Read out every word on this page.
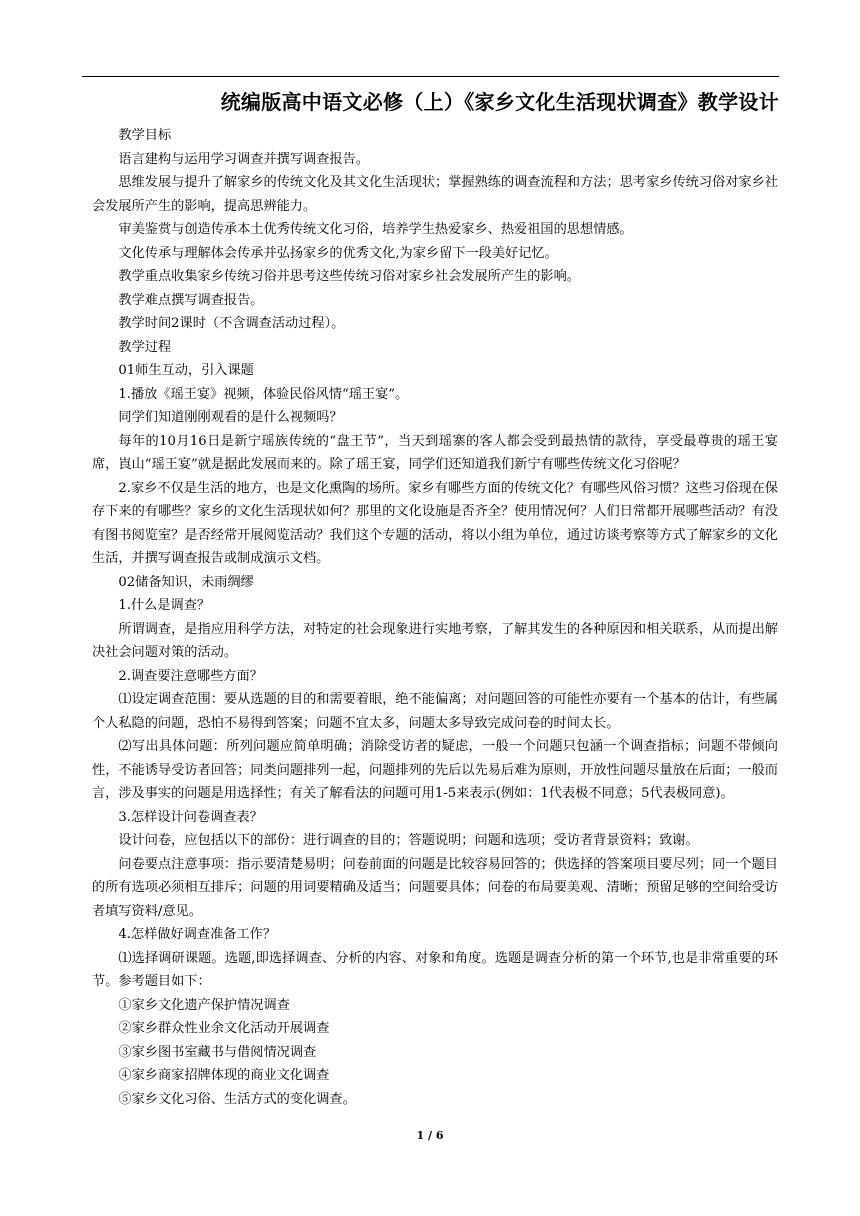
统编版高中语文必修（上）《家乡文化生活现状调查》教学设计

教学目标

语言建构与运用学习调查并撰写调查报告。

思维发展与提升了解家乡的传统文化及其文化生活现状；掌握熟练的调查流程和方法；思考家乡传统习俗对家乡社会发展所产生的影响，提高思辨能力。

审美鉴赏与创造传承本土优秀传统文化习俗，培养学生热爱家乡、热爱祖国的思想情感。

文化传承与理解体会传承并弘扬家乡的优秀文化,为家乡留下一段美好记忆。

教学重点收集家乡传统习俗并思考这些传统习俗对家乡社会发展所产生的影响。

教学难点撰写调查报告。

教学时间2课时（不含调查活动过程）。

教学过程

01师生互动，引入课题

1.播放《瑶王宴》视频，体验民俗风情“瑶王宴”。

同学们知道刚刚观看的是什么视频吗？

每年的10月16日是新宁瑶族传统的“盘王节”，当天到瑶寨的客人都会受到最热情的款待，享受最尊贵的瑶王宴席，崀山“瑶王宴”就是据此发展而来的。除了瑶王宴，同学们还知道我们新宁有哪些传统文化习俗呢？

2.家乡不仅是生活的地方，也是文化熏陶的场所。家乡有哪些方面的传统文化？有哪些风俗习惯？这些习俗现在保存下来的有哪些？家乡的文化生活现状如何？那里的文化设施是否齐全？使用情况何？人们日常都开展哪些活动？有没有图书阅览室？是否经常开展阅览活动？我们这个专题的活动，将以小组为单位，通过访谈考察等方式了解家乡的文化生活，并撰写调查报告或制成演示文档。

02储备知识，未雨绸缪

1.什么是调查？

所谓调查，是指应用科学方法，对特定的社会现象进行实地考察，了解其发生的各种原因和相关联系，从而提出解决社会问题对策的活动。

2.调查要注意哪些方面？

⑴设定调查范围：要从选题的目的和需要着眼，绝不能偏离；对问题回答的可能性亦要有一个基本的估计，有些属个人私隐的问题，恐怕不易得到答案；问题不宜太多，问题太多导致完成问卷的时间太长。

⑵写出具体问题：所列问题应简单明确；消除受访者的疑虑，一般一个问题只包涵一个调查指标；问题不带倾向性，不能诱导受访者回答；同类问题排列一起，问题排列的先后以先易后难为原则，开放性问题尽量放在后面；一般而言，涉及事实的问题是用选择性；有关了解看法的问题可用1-5来表示(例如：1代表极不同意；5代表极同意)。

3.怎样设计问卷调查表？

设计问卷，应包括以下的部份：进行调查的目的；答题说明；问题和选项；受访者背景资料；致谢。

问卷要点注意事项：指示要清楚易明；问卷前面的问题是比较容易回答的；供选择的答案项目要尽列；同一个题目的所有选项必须相互排斥；问题的用词要精确及适当；问题要具体；问卷的布局要美观、清晰；预留足够的空间给受访者填写资料/意见。

4.怎样做好调查准备工作？

⑴选择调研课题。选题,即选择调查、分析的内容、对象和角度。选题是调查分析的第一个环节,也是非常重要的环节。参考题目如下：

①家乡文化遗产保护情况调查

②家乡群众性业余文化活动开展调查

③家乡图书室藏书与借阅情况调查

④家乡商家招牌体现的商业文化调查

⑤家乡文化习俗、生活方式的变化调查。

1 / 6
